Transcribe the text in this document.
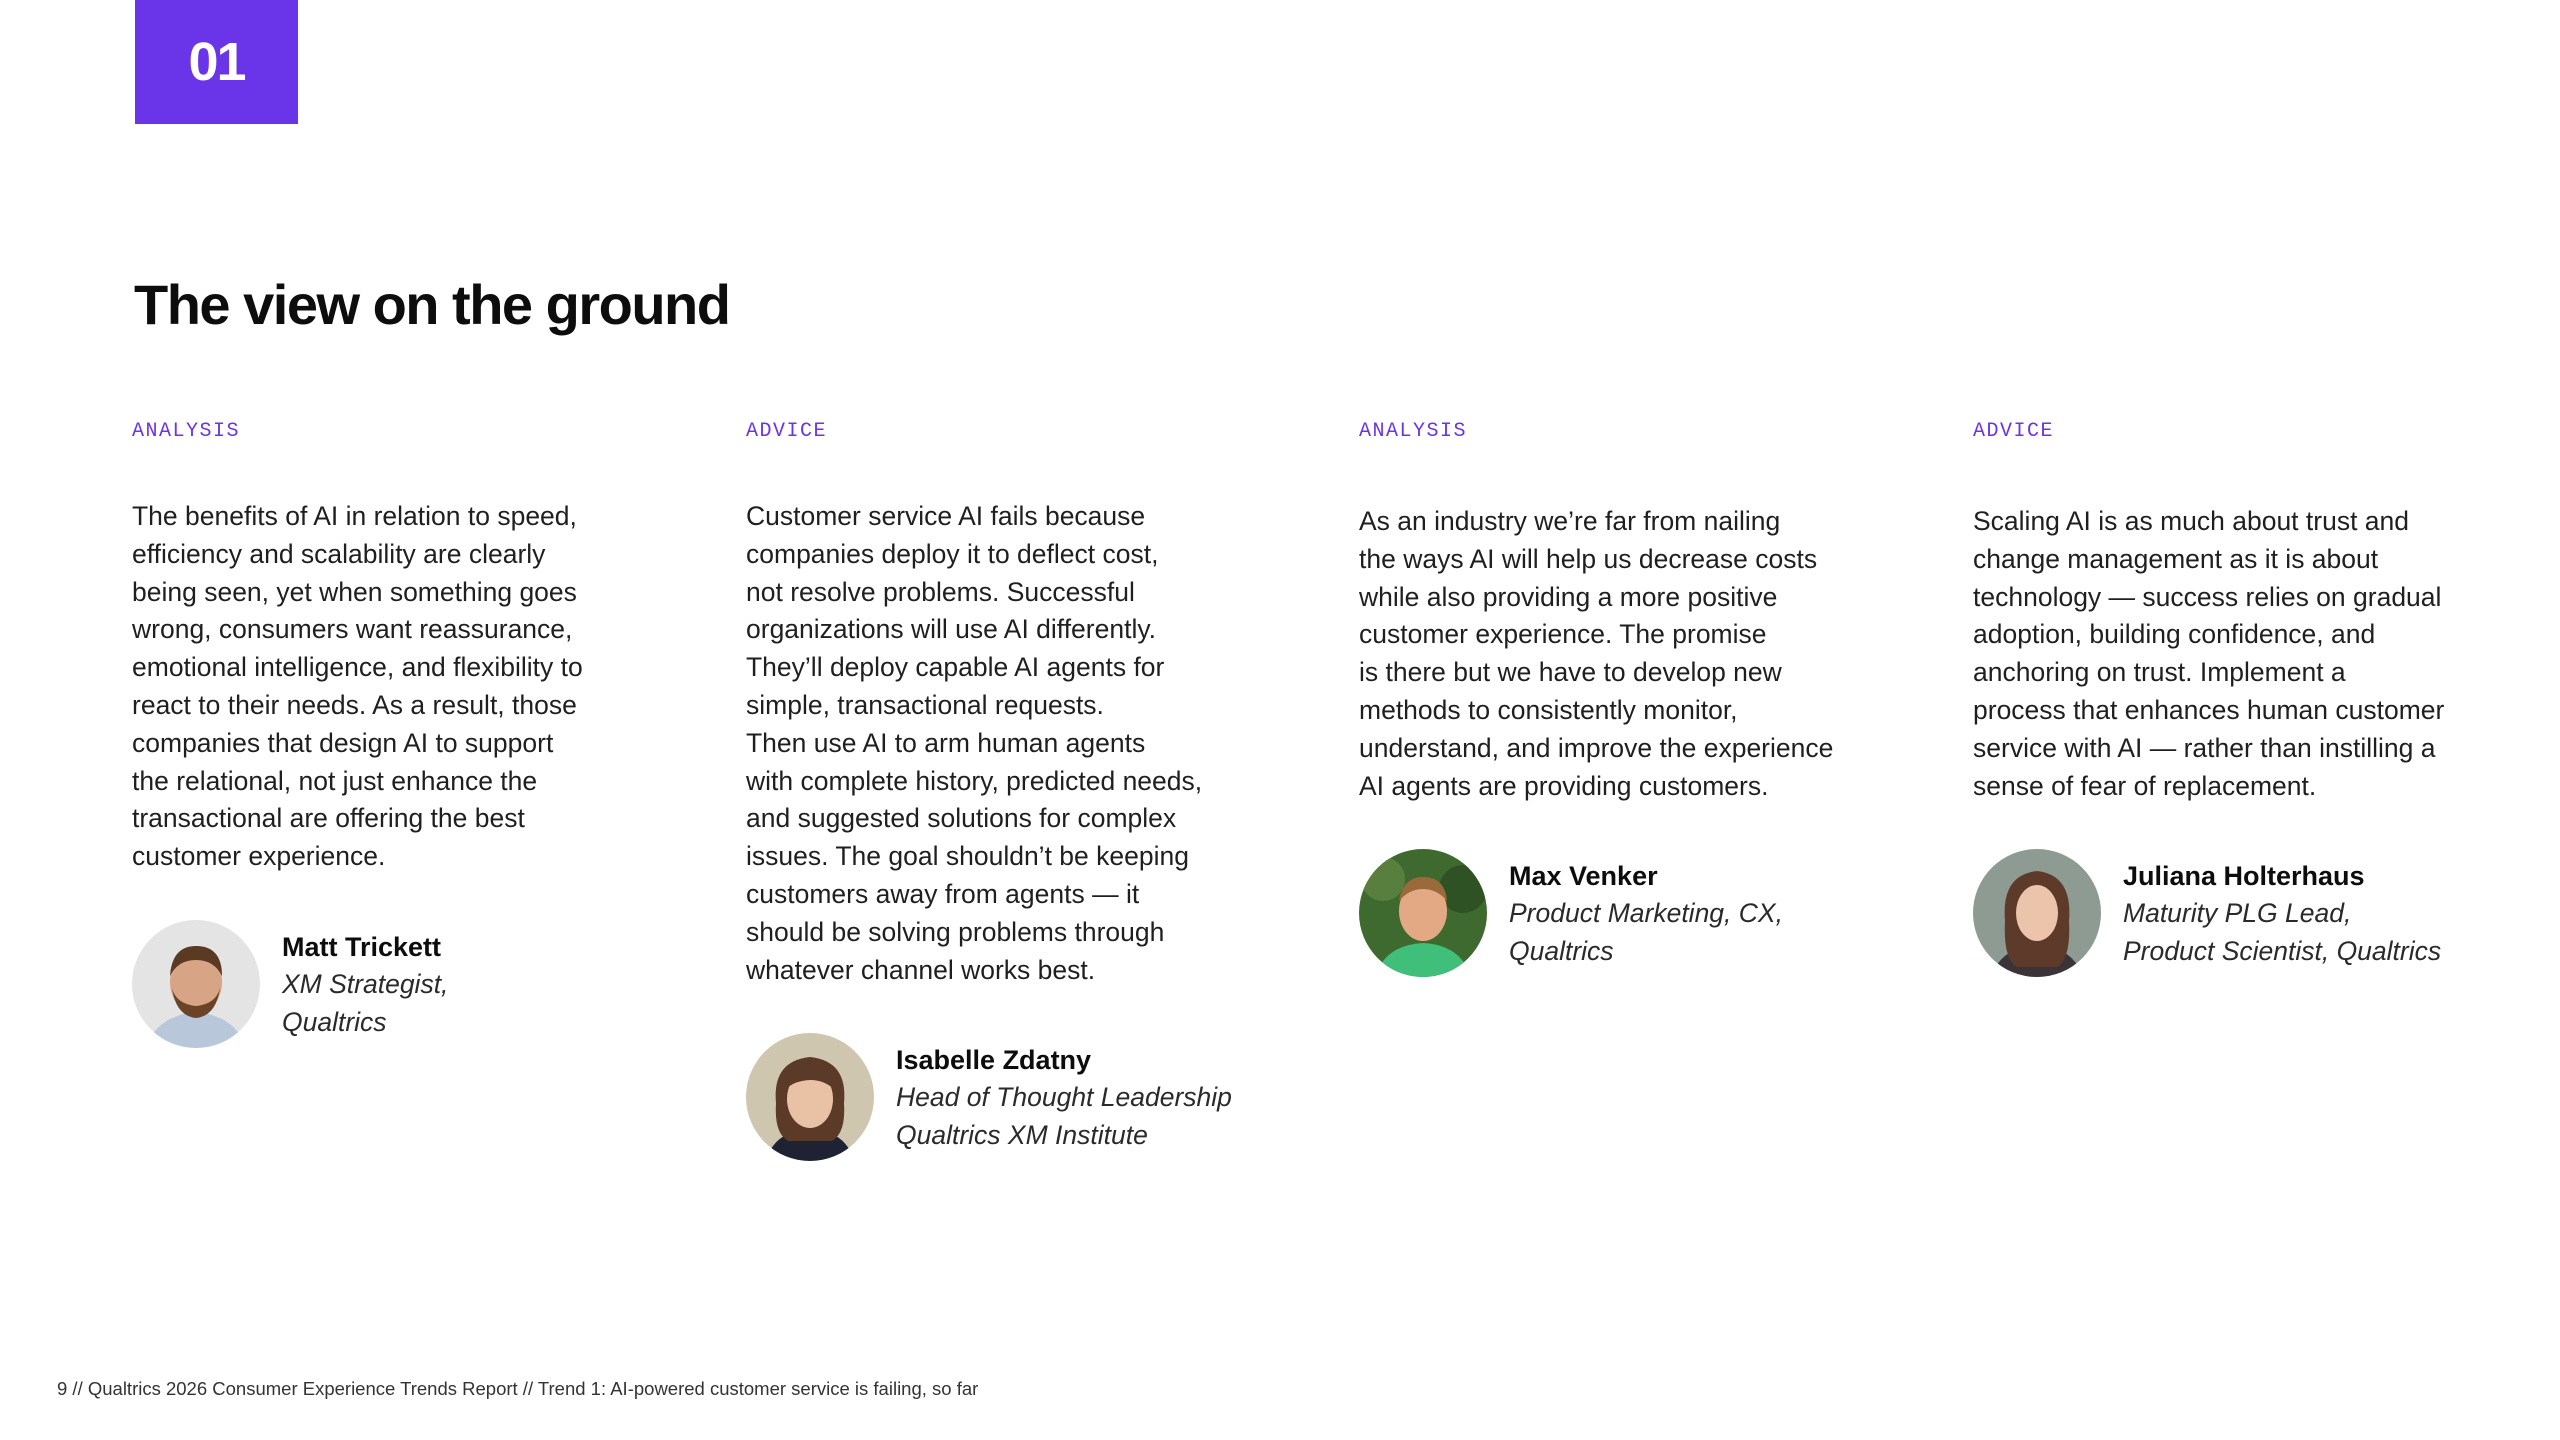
01
The view on the ground
ANALYSIS
The benefits of AI in relation to speed,
efficiency and scalability are clearly
being seen, yet when something goes
wrong, consumers want reassurance,
emotional intelligence, and flexibility to
react to their needs. As a result, those
companies that design AI to support
the relational, not just enhance the
transactional are offering the best
customer experience.
Matt Trickett
XM Strategist,
Qualtrics
ADVICE
Customer service AI fails because
companies deploy it to deflect cost,
not resolve problems. Successful
organizations will use AI differently.
They’ll deploy capable AI agents for
simple, transactional requests.
Then use AI to arm human agents
with complete history, predicted needs,
and suggested solutions for complex
issues. The goal shouldn’t be keeping
customers away from agents — it
should be solving problems through
whatever channel works best.
Isabelle Zdatny
Head of Thought Leadership
Qualtrics XM Institute
ANALYSIS
As an industry we’re far from nailing
the ways AI will help us decrease costs
while also providing a more positive
customer experience. The promise
is there but we have to develop new
methods to consistently monitor,
understand, and improve the experience
AI agents are providing customers.
Max Venker
Product Marketing, CX,
Qualtrics
ADVICE
Scaling AI is as much about trust and
change management as it is about
technology — success relies on gradual
adoption, building confidence, and
anchoring on trust. Implement a
process that enhances human customer
service with AI — rather than instilling a
sense of fear of replacement.
Juliana Holterhaus
Maturity PLG Lead,
Product Scientist, Qualtrics
9 // Qualtrics 2026 Consumer Experience Trends Report // Trend 1: AI-powered customer service is failing, so far
